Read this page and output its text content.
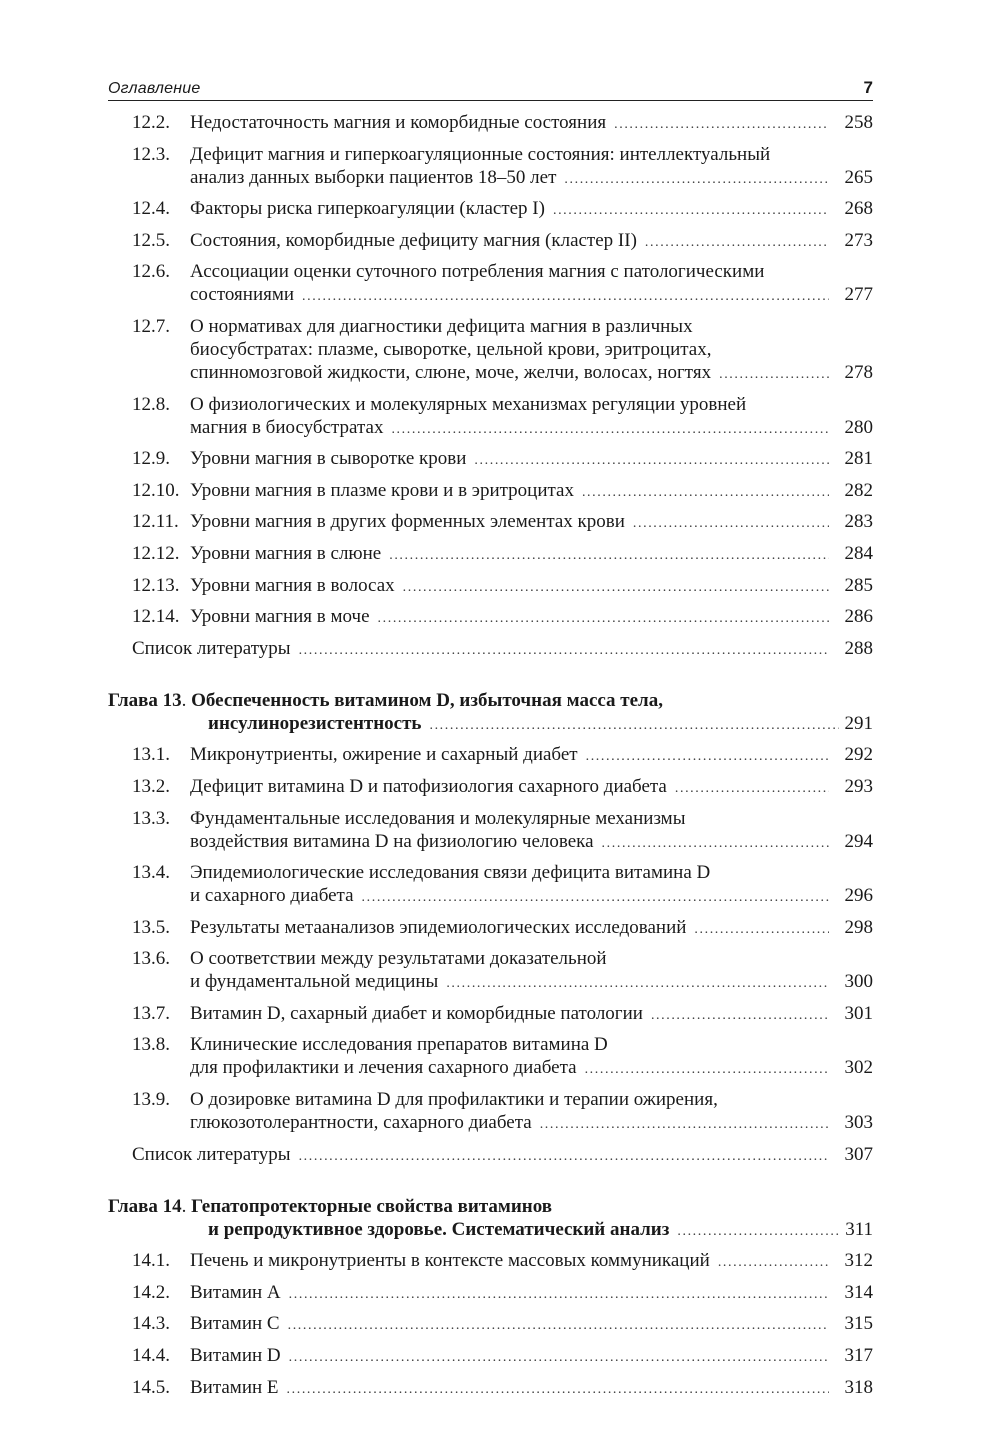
Оглавление	7
12.2. Недостаточность магния и коморбидные состояния .....	258
12.3. Дефицит магния и гиперкоагуляционные состояния: интеллектуальный
анализ данных выборки пациентов 18–50 лет .....	265
12.4. Факторы риска гиперкоагуляции (кластер I) .....	268
12.5. Состояния, коморбидные дефициту магния (кластер II) .....	273
12.6. Ассоциации оценки суточного потребления магния с патологическими
состояниями .....	277
12.7. О нормативах для диагностики дефицита магния в различных
биосубстратах: плазме, сыворотке, цельной крови, эритроцитах,
спинномозговой жидкости, слюне, моче, желчи, волосах, ногтях .....	278
12.8. О физиологических и молекулярных механизмах регуляции уровней
магния в биосубстратах .....	280
12.9. Уровни магния в сыворотке крови .....	281
12.10. Уровни магния в плазме крови и в эритроцитах .....	282
12.11. Уровни магния в других форменных элементах крови .....	283
12.12. Уровни магния в слюне .....	284
12.13. Уровни магния в волосах .....	285
12.14. Уровни магния в моче .....	286
Список литературы .....	288
Глава 13. Обеспеченность витамином D, избыточная масса тела,
инсулинорезистентность .....	291
13.1. Микронутриенты, ожирение и сахарный диабет .....	292
13.2. Дефицит витамина D и патофизиология сахарного диабета .....	293
13.3. Фундаментальные исследования и молекулярные механизмы
воздействия витамина D на физиологию человека .....	294
13.4. Эпидемиологические исследования связи дефицита витамина D
и сахарного диабета .....	296
13.5. Результаты метаанализов эпидемиологических исследований .....	298
13.6. О соответствии между результатами доказательной
и фундаментальной медицины .....	300
13.7. Витамин D, сахарный диабет и коморбидные патологии .....	301
13.8. Клинические исследования препаратов витамина D
для профилактики и лечения сахарного диабета .....	302
13.9. О дозировке витамина D для профилактики и терапии ожирения,
глюкозотолерантности, сахарного диабета .....	303
Список литературы .....	307
Глава 14. Гепатопротекторные свойства витаминов
и репродуктивное здоровье. Систематический анализ .....	311
14.1. Печень и микронутриенты в контексте массовых коммуникаций .....	312
14.2. Витамин A .....	314
14.3. Витамин C .....	315
14.4. Витамин D .....	317
14.5. Витамин E .....	318
